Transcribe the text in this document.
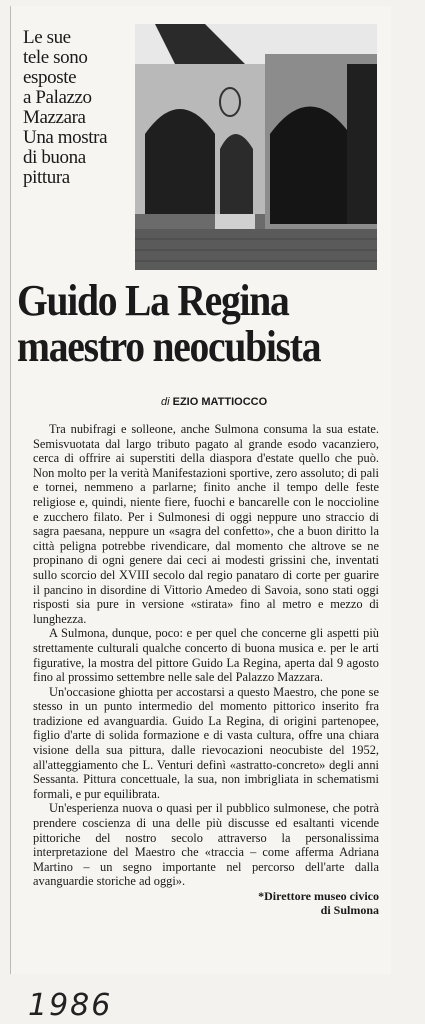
Le sue
tele sono
esposte
a Palazzo
Mazzara
Una mostra
di buona
pittura
Guido La Regina
maestro neocubista
di EZIO MATTIOCCO

Tra nubifragi e solleone, anche Sulmona consuma la sua estate. Semisvuotata dal largo tributo pagato al grande esodo vacanziero, cerca di offrire ai superstiti della diaspora d'estate quello che può. Non molto per la verità Manifestazioni sportive, zero assoluto; di pali e tornei, nemmeno a parlarne; finito anche il tempo delle feste religiose e, quindi, niente fiere, fuochi e bancarelle con le noccioline e zucchero filato. Per i Sulmonesi di oggi neppure uno straccio di sagra paesana, neppure un «sagra del confetto», che a buon diritto la città peligna potrebbe rivendicare, dal momento che altrove se ne propinano di ogni genere dai ceci ai modesti grissini che, inventati sullo scorcio del XVIII secolo dal regio panataro di corte per guarire il pancino in disordine di Vittorio Amedeo di Savoia, sono stati oggi risposti sia pure in versione «stirata» fino al metro e mezzo di lunghezza.

A Sulmona, dunque, poco: e per quel che concerne gli aspetti più strettamente culturali qualche concerto di buona musica e. per le arti figurative, la mostra del pittore Guido La Regina, aperta dal 9 agosto fino al prossimo settembre nelle sale del Palazzo Mazzara.

Un'occasione ghiotta per accostarsi a questo Maestro, che pone se stesso in un punto intermedio del momento pittorico inserito fra tradizione ed avanguardia. Guido La Regina, di origini partenopee, figlio d'arte di solida formazione e di vasta cultura, offre una chiara visione della sua pittura, dalle rievocazioni neocubiste del 1952, all'atteggiamento che L. Venturi definì «astratto-concreto» degli anni Sessanta. Pittura concettuale, la sua, non imbrigliata in schematismi formali, e pur equilibrata.

Un'esperienza nuova o quasi per il pubblico sulmonese, che potrà prendere coscienza di una delle più discusse ed esaltanti vicende pittoriche del nostro secolo attraverso la personalissima interpretazione del Maestro che «traccia – come afferma Adriana Martino – un segno importante nel percorso dell'arte dalla avanguardie storiche ad oggi».

*Direttore museo civico
di Sulmona
1986
